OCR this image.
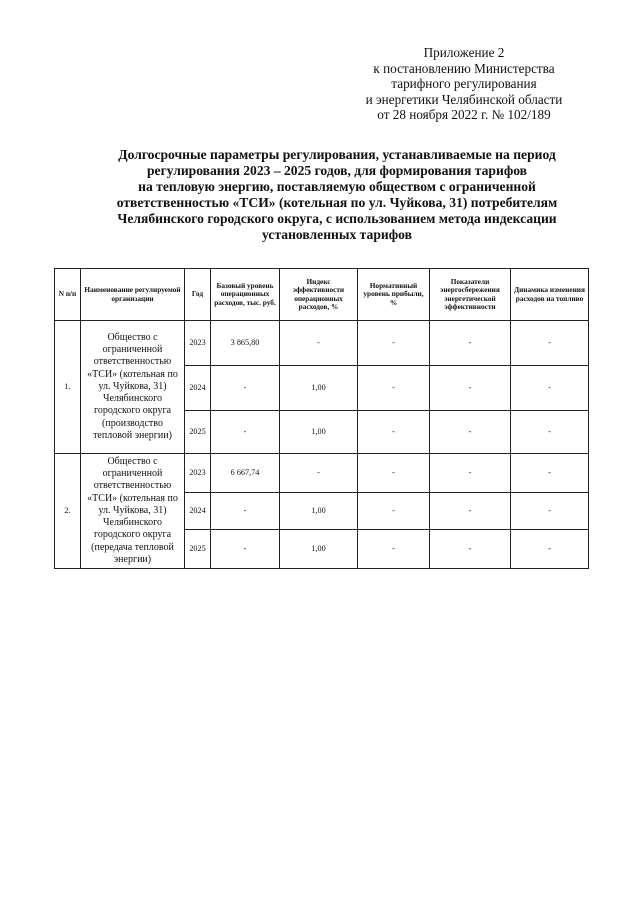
Приложение 2
к постановлению Министерства
тарифного регулирования
и энергетики Челябинской области
от 28 ноября 2022 г. № 102/189
Долгосрочные параметры регулирования, устанавливаемые на период
регулирования 2023 – 2025 годов, для формирования тарифов
на тепловую энергию, поставляемую обществом с ограниченной
ответственностью «ТСИ» (котельная по ул. Чуйкова, 31) потребителям
Челябинского городского округа, с использованием метода индексации
установленных тарифов
N п/п	Наименование регулируемой организации	Год	Базовый уровень операционных расходов, тыс. руб.	Индекс эффективности операционных расходов, %	Нормативный уровень прибыли, %	Показатели энергосбережения энергетической эффективности	Динамика изменения расходов на топливо
1.	Общество с ограниченной ответственностью «ТСИ» (котельная по ул. Чуйкова, 31) Челябинского городского округа (производство тепловой энергии)	2023	3 865,80	-	-	-	-
		2024	-	1,00	-	-	-
		2025	-	1,00	-	-	-
2.	Общество с ограниченной ответственностью «ТСИ» (котельная по ул. Чуйкова, 31) Челябинского городского округа (передача тепловой энергии)	2023	6 667,74	-	-	-	-
		2024	-	1,00	-	-	-
		2025	-	1,00	-	-	-
